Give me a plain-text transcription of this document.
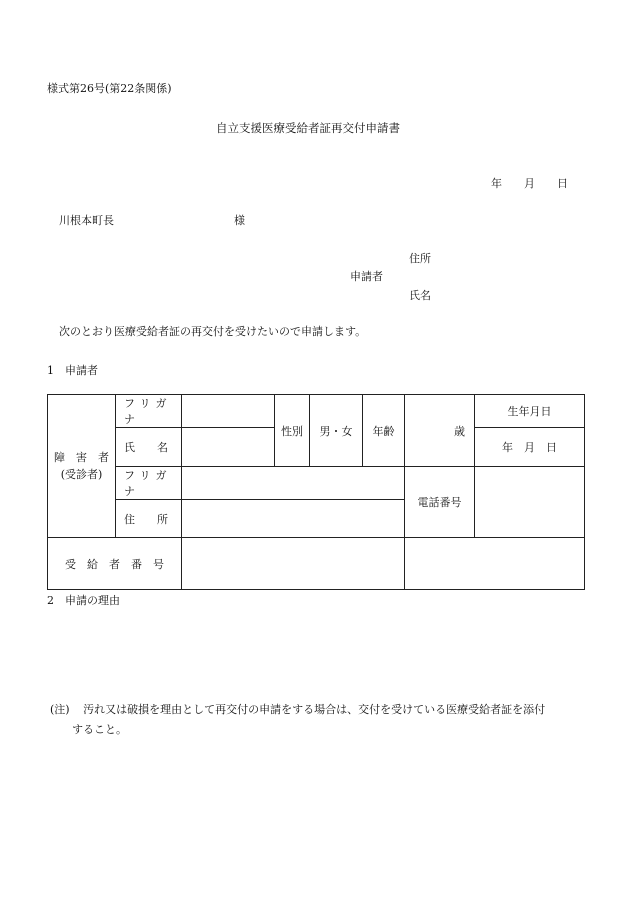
様式第26号(第22条関係)
自立支援医療受給者証再交付申請書
年　　月　　日
川根本町長	様
住所
申請者
氏名
次のとおり医療受給者証の再交付を受けたいので申請します。
1　申請者
障　害　者
(受診者)	フリガナ		性別	男・女	年齢	歳	生年月日
	氏　　名						年　月　日
	フリガナ					電話番号	
	住　　所						
受　給　者　番　号							
2　申請の理由
(注) 汚れ又は破損を理由として再交付の申請をする場合は、交付を受けている医療受給者証を添付
すること。
